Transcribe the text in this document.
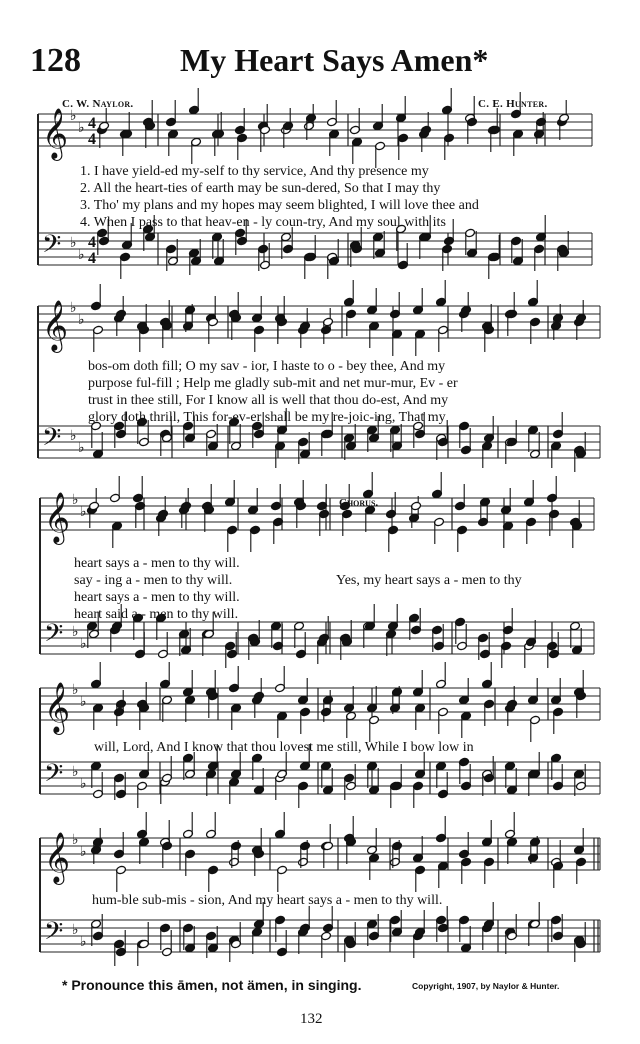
128	My Heart Says Amen*
C. W. Naylor.	C. E. Hunter.
𝄞 ♭
♭ 4
4
𝄢 ♭
♭
4
4
𝄞 ♭
♭
𝄢 ♭
♭
𝄞 ♭
♭
𝄢 ♭
♭
𝄞 ♭
♭
𝄢 ♭
♭
𝄞 ♭
♭
𝄢 ♭
♭
1. I have yield-ed my-self to thy service, And thy presence my
2. All the heart-ties of earth may be sun-dered, So that I may thy
3. Tho' my plans and my hopes may seem blighted, I will love thee and
4. When I pass to that heav-en - ly coun-try, And my soul with its
bos-om doth fill; O my sav - ior, I haste to o - bey thee, And my
purpose ful-fill ; Help me gladly sub-mit and net mur-mur, Ev - er
trust in thee still, For I know all is well that thou do-est, And my
glory doth thrill, This for-ev-er shall be my re-joic-ing, That my
Chorus.
heart says a - men to thy will.
say - ing a - men to thy will.
heart says a - men to thy will.
heart said a - men to thy will.
Yes, my heart says a - men to thy
will, Lord, And I know that thou lovest me still, While I bow low in
hum-ble sub-mis - sion, And my heart says a - men to thy will.
* Pronounce this āmen, not ämen, in singing.	Copyright, 1907, by Naylor & Hunter.
132
